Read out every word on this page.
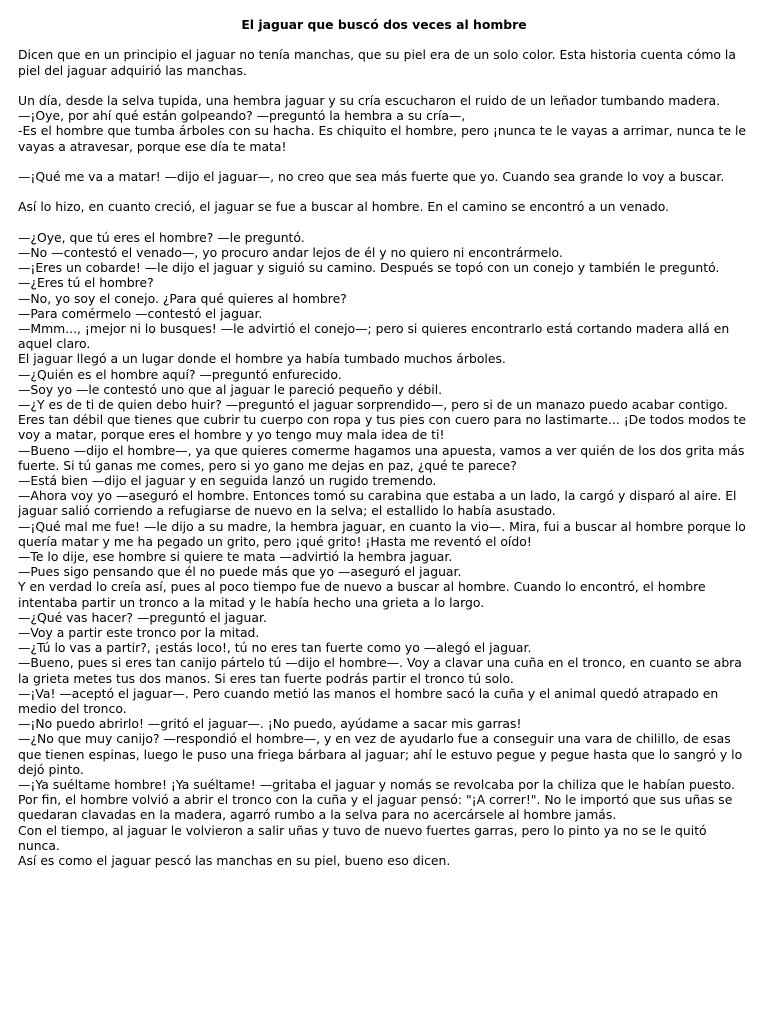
El jaguar que buscó dos veces al hombre
Dicen que en un principio el jaguar no tenía manchas, que su piel era de un solo color. Esta historia cuenta cómo la piel del jaguar adquirió las manchas.
Un día, desde la selva tupida, una hembra jaguar y su cría escucharon el ruido de un leñador tumbando madera.
—¡Oye, por ahí qué están golpeando? —preguntó la hembra a su cría—,
-Es el hombre que tumba árboles con su hacha. Es chiquito el hombre, pero ¡nunca te le vayas a arrimar, nunca te le vayas a atravesar, porque ese día te mata!
—¡Qué me va a matar! —dijo el jaguar—, no creo que sea más fuerte que yo. Cuando sea grande lo voy a buscar.
Así lo hizo, en cuanto creció, el jaguar se fue a buscar al hombre. En el camino se encontró a un venado.
—¿Oye, que tú eres el hombre? —le preguntó.
—No —contestó el venado—, yo procuro andar lejos de él y no quiero ni encontrármelo.
—¡Eres un cobarde! —le dijo el jaguar y siguió su camino. Después se topó con un conejo y también le preguntó.
—¿Eres tú el hombre?
—No, yo soy el conejo. ¿Para qué quieres al hombre?
—Para comérmelo —contestó el jaguar.
—Mmm..., ¡mejor ni lo busques! —le advirtió el conejo—; pero si quieres encontrarlo está cortando madera allá en aquel claro.
El jaguar llegó a un lugar donde el hombre ya había tumbado muchos árboles.
—¿Quién es el hombre aquí? —preguntó enfurecido.
—Soy yo —le contestó uno que al jaguar le pareció pequeño y débil.
—¿Y es de ti de quien debo huir? —preguntó el jaguar sorprendido—, pero si de un manazo puedo acabar contigo. Eres tan débil que tienes que cubrir tu cuerpo con ropa y tus pies con cuero para no lastimarte... ¡De todos modos te voy a matar, porque eres el hombre y yo tengo muy mala idea de ti!
—Bueno —dijo el hombre—, ya que quieres comerme hagamos una apuesta, vamos a ver quién de los dos grita más fuerte. Si tú ganas me comes, pero si yo gano me dejas en paz, ¿qué te parece?
—Está bien —dijo el jaguar y en seguida lanzó un rugido tremendo.
—Ahora voy yo —aseguró el hombre. Entonces tomó su carabina que estaba a un lado, la cargó y disparó al aire. El jaguar salió corriendo a refugiarse de nuevo en la selva; el estallido lo había asustado.
—¡Qué mal me fue! —le dijo a su madre, la hembra jaguar, en cuanto la vio—. Mira, fui a buscar al hombre porque lo quería matar y me ha pegado un grito, pero ¡qué grito! ¡Hasta me reventó el oído!
—Te lo dije, ese hombre si quiere te mata —advirtió la hembra jaguar.
—Pues sigo pensando que él no puede más que yo —aseguró el jaguar.
Y en verdad lo creía así, pues al poco tiempo fue de nuevo a buscar al hombre. Cuando lo encontró, el hombre intentaba partir un tronco a la mitad y le había hecho una grieta a lo largo.
—¿Qué vas hacer? —preguntó el jaguar.
—Voy a partir este tronco por la mitad.
—¿Tú lo vas a partir?, ¡estás loco!, tú no eres tan fuerte como yo —alegó el jaguar.
—Bueno, pues si eres tan canijo pártelo tú —dijo el hombre—. Voy a clavar una cuña en el tronco, en cuanto se abra la grieta metes tus dos manos. Si eres tan fuerte podrás partir el tronco tú solo.
—¡Va! —aceptó el jaguar—. Pero cuando metió las manos el hombre sacó la cuña y el animal quedó atrapado en medio del tronco.
—¡No puedo abrirlo! —gritó el jaguar—. ¡No puedo, ayúdame a sacar mis garras!
—¿No que muy canijo? —respondió el hombre—, y en vez de ayudarlo fue a conseguir una vara de chilillo, de esas que tienen espinas, luego le puso una friega bárbara al jaguar; ahí le estuvo pegue y pegue hasta que lo sangró y lo dejó pinto.
—¡Ya suéltame hombre! ¡Ya suéltame! —gritaba el jaguar y nomás se revolcaba por la chiliza que le habían puesto. Por fin, el hombre volvió a abrir el tronco con la cuña y el jaguar pensó: "¡A correr!". No le importó que sus uñas se quedaran clavadas en la madera, agarró rumbo a la selva para no acercársele al hombre jamás.
Con el tiempo, al jaguar le volvieron a salir uñas y tuvo de nuevo fuertes garras, pero lo pinto ya no se le quitó nunca.
Así es como el jaguar pescó las manchas en su piel, bueno eso dicen.
